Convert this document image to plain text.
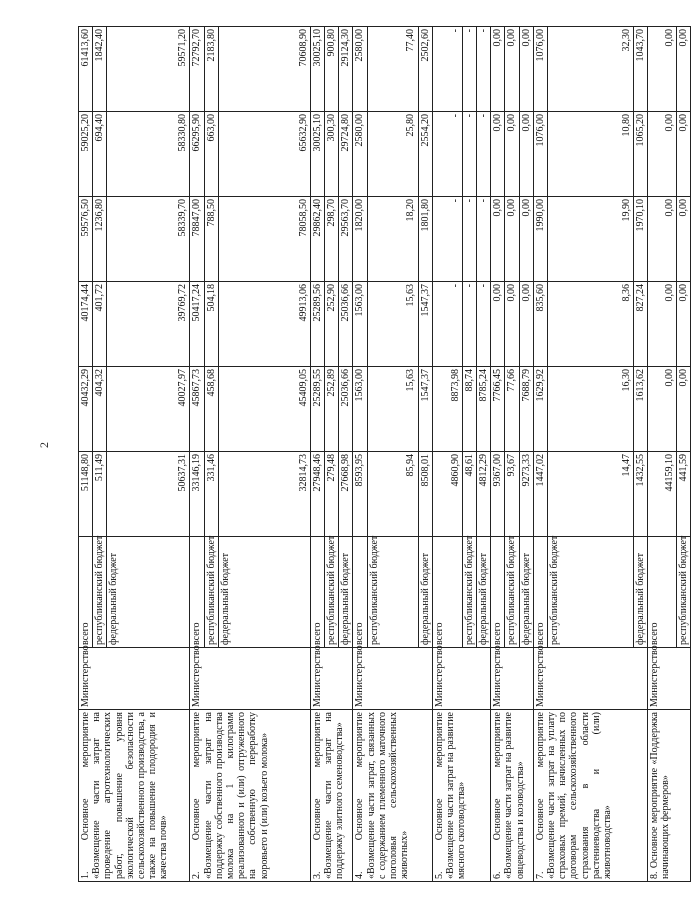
2
1. Основное мероприятие «Возмещение части затрат на проведение агротехнологических работ, повышение уровня экологической безопасности сельскохозяйственного производства, а также на повышение плодородия и качества почв»	Министерство	всего	51148,80	40432,29	40174,44	59576,50	59025,20	61413,60
		республиканский бюджет	511,49	404,32	401,72	1236,80	694,40	1842,40
		федеральный бюджет	50637,31	40027,97	39769,72	58339,70	58330,80	59571,20
2. Основное мероприятие «Возмещение части затрат на поддержку собственного производства молока на 1 килограмм реализованного и (или) отгруженного на собственную переработку коровьего и (или) козьего молока»	Министерство	всего	33146,19	45867,73	50417,24	78847,00	66295,90	72792,70
		республиканский бюджет	331,46	458,68	504,18	788,50	663,00	2183,80
		федеральный бюджет	32814,73	45409,05	49913,06	78058,50	65632,90	70608,90
3. Основное мероприятие «Возмещение части затрат на поддержку элитного семеноводства»	Министерство	всего	27948,46	25289,55	25289,56	29862,40	30025,10	30025,10
		республиканский бюджет	279,48	252,89	252,90	298,70	300,30	900,80
		федеральный бюджет	27668,98	25036,66	25036,66	29563,70	29724,80	29124,30
4. Основное мероприятие «Возмещение части затрат, связанных с содержанием племенного маточного поголовья сельскохозяйственных животных»	Министерство	всего	8593,95	1563,00	1563,00	1820,00	2580,00	2580,00
		республиканский бюджет	85,94	15,63	15,63	18,20	25,80	77,40
		федеральный бюджет	8508,01	1547,37	1547,37	1801,80	2554,20	2502,60
5. Основное мероприятие «Возмещение части затрат на развитие мясного скотоводства»	Министерство	всего	4860,90	8873,98	-	-	-	-
		республиканский бюджет	48,61	88,74	-	-	-	-
		федеральный бюджет	4812,29	8785,24	-	-	-	-
6. Основное мероприятие «Возмещение части затрат на развитие овцеводства и козоводства»	Министерство	всего	9367,00	7766,45	0,00	0,00	0,00	0,00
		республиканский бюджет	93,67	77,66	0,00	0,00	0,00	0,00
		федеральный бюджет	9273,33	7688,79	0,00	0,00	0,00	0,00
7. Основное мероприятие «Возмещение части затрат на уплату страховых премий, начисленных по договорам сельскохозяйственного страхования в области растениеводства и (или) животноводства»	Министерство	всего	1447,02	1629,92	835,60	1990,00	1076,00	1076,00
		республиканский бюджет	14,47	16,30	8,36	19,90	10,80	32,30
		федеральный бюджет	1432,55	1613,62	827,24	1970,10	1065,20	1043,70
8. Основное мероприятие «Поддержка начинающих фермеров»	Министерство	всего	44159,10	0,00	0,00	0,00	0,00	0,00
		республиканский бюджет	441,59	0,00	0,00	0,00	0,00	0,00
